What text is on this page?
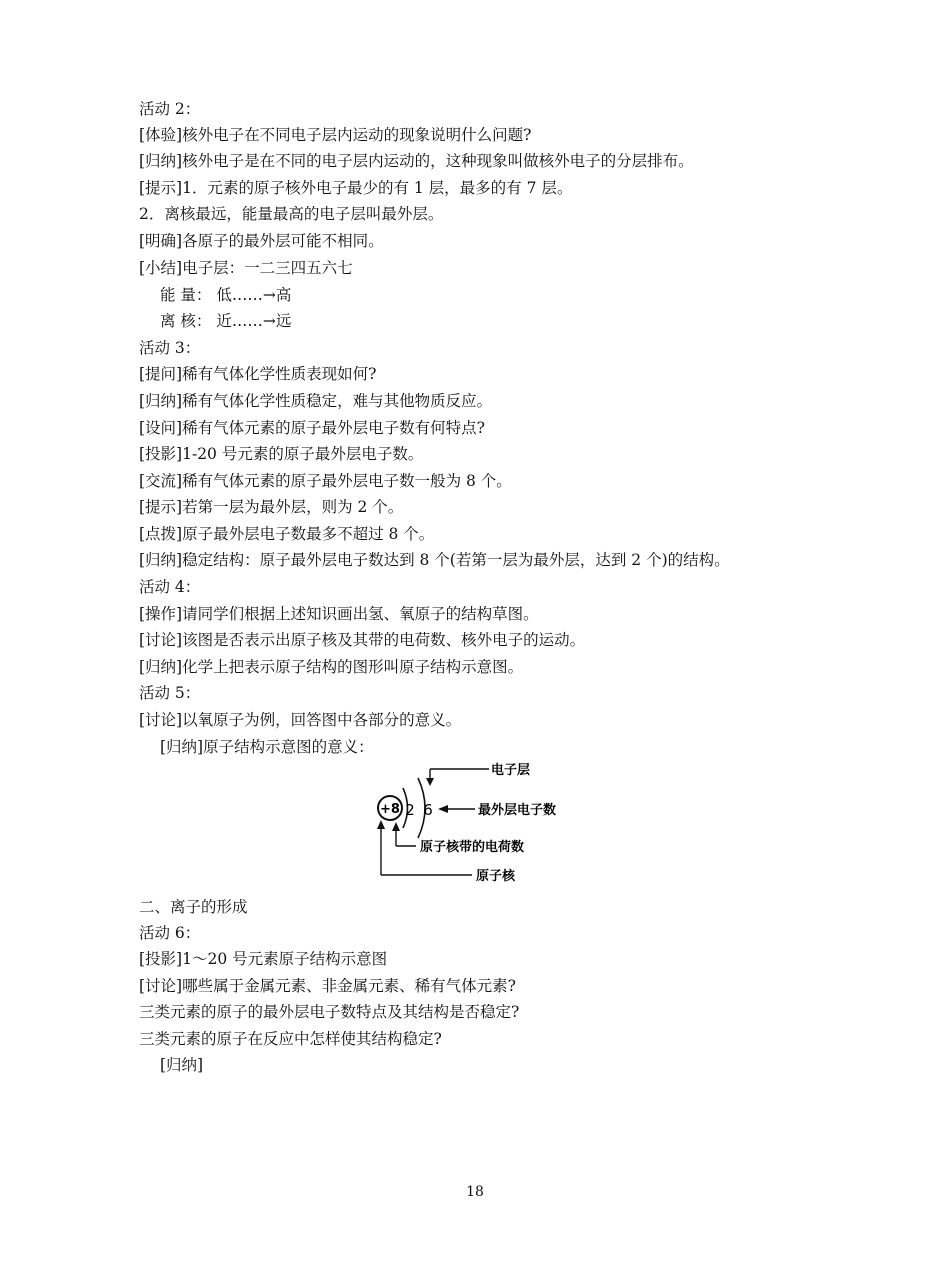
活动 2：
[体验]核外电子在不同电子层内运动的现象说明什么问题?
[归纳]核外电子是在不同的电子层内运动的，这种现象叫做核外电子的分层排布。
[提示]1．元素的原子核外电子最少的有 1 层，最多的有 7 层。
2．离核最远，能量最高的电子层叫最外层。
[明确]各原子的最外层可能不相同。
[小结]电子层：一二三四五六七
能 量： 低……→高
离 核： 近……→远
活动 3：
[提问]稀有气体化学性质表现如何?
[归纳]稀有气体化学性质稳定，难与其他物质反应。
[设问]稀有气体元素的原子最外层电子数有何特点?
[投影]1-20 号元素的原子最外层电子数。
[交流]稀有气体元素的原子最外层电子数一般为 8 个。
[提示]若第一层为最外层，则为 2 个。
[点拨]原子最外层电子数最多不超过 8 个。
[归纳]稳定结构：原子最外层电子数达到 8 个(若第一层为最外层，达到 2 个)的结构。
活动 4：
[操作]请同学们根据上述知识画出氢、氧原子的结构草图。
[讨论]该图是否表示出原子核及其带的电荷数、核外电子的运动。
[归纳]化学上把表示原子结构的图形叫原子结构示意图。
活动 5：
[讨论]以氧原子为例，回答图中各部分的意义。
[归纳]原子结构示意图的意义：
+8 2 6
电子层
最外层电子数
原子核带的电荷数
原子核
二、离子的形成
活动 6：
[投影]1～20 号元素原子结构示意图
[讨论]哪些属于金属元素、非金属元素、稀有气体元素?
三类元素的原子的最外层电子数特点及其结构是否稳定?
三类元素的原子在反应中怎样使其结构稳定?
[归纳]
18
